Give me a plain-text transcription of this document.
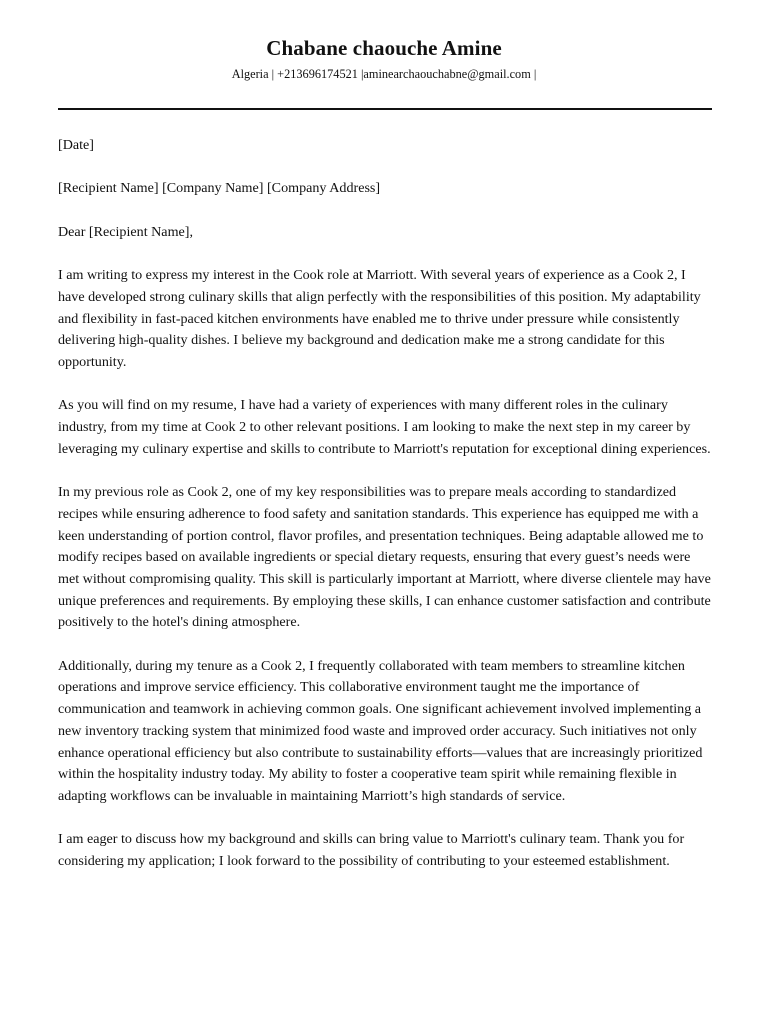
Chabane chaouche Amine

Algeria | +213696174521 |aminearchaouchabne@gmail.com |

[Date]

[Recipient Name] [Company Name] [Company Address]

Dear [Recipient Name],

I am writing to express my interest in the Cook role at Marriott. With several years of experience as a Cook 2, I have developed strong culinary skills that align perfectly with the responsibilities of this position. My adaptability and flexibility in fast-paced kitchen environments have enabled me to thrive under pressure while consistently delivering high-quality dishes. I believe my background and dedication make me a strong candidate for this opportunity.

As you will find on my resume, I have had a variety of experiences with many different roles in the culinary industry, from my time at Cook 2 to other relevant positions. I am looking to make the next step in my career by leveraging my culinary expertise and skills to contribute to Marriott's reputation for exceptional dining experiences.

In my previous role as Cook 2, one of my key responsibilities was to prepare meals according to standardized recipes while ensuring adherence to food safety and sanitation standards. This experience has equipped me with a keen understanding of portion control, flavor profiles, and presentation techniques. Being adaptable allowed me to modify recipes based on available ingredients or special dietary requests, ensuring that every guest’s needs were met without compromising quality. This skill is particularly important at Marriott, where diverse clientele may have unique preferences and requirements. By employing these skills, I can enhance customer satisfaction and contribute positively to the hotel's dining atmosphere.

Additionally, during my tenure as a Cook 2, I frequently collaborated with team members to streamline kitchen operations and improve service efficiency. This collaborative environment taught me the importance of communication and teamwork in achieving common goals. One significant achievement involved implementing a new inventory tracking system that minimized food waste and improved order accuracy. Such initiatives not only enhance operational efficiency but also contribute to sustainability efforts—values that are increasingly prioritized within the hospitality industry today. My ability to foster a cooperative team spirit while remaining flexible in adapting workflows can be invaluable in maintaining Marriott’s high standards of service.

I am eager to discuss how my background and skills can bring value to Marriott's culinary team. Thank you for considering my application; I look forward to the possibility of contributing to your esteemed establishment.
